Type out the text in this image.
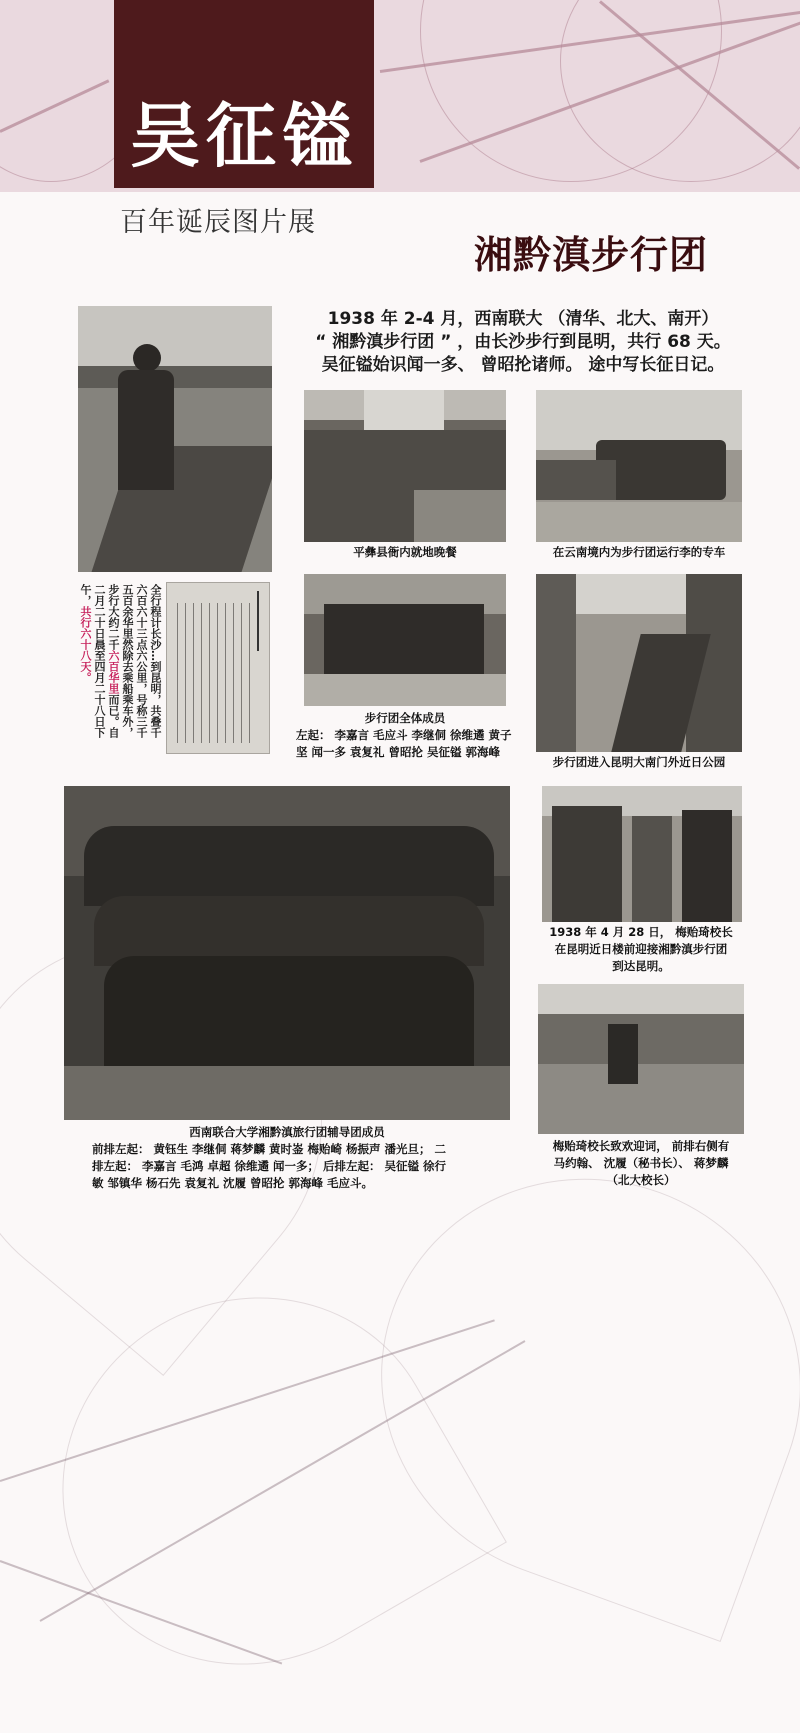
吴征镒
百年诞辰图片展
湘黔滇步行团
1938 年 2-4 月，西南联大 （清华、北大、南开）
“ 湘黔滇步行团 ” ，由长沙步行到昆明，共行 68 天。
吴征镒始识闻一多、 曾昭抡诸师。 途中写长征日记。
全行程计长沙…到昆明，共叠千六百六十三点六公里，号称三千五百余华里然除去乘船乘车外，步行大约二千六百华里而已。自二月二十日晨至四月二十八日下午，共行六十八天。
平彝县衙内就地晚餐	在云南境内为步行团运行李的专车
步行团全体成员
左起： 李嘉言 毛应斗 李继侗 徐维遹 黄子坚 闻一多 袁复礼 曾昭抡 吴征镒 郭海峰
步行团进入昆明大南门外近日公园
西南联合大学湘黔滇旅行团辅导团成员
前排左起： 黄钰生 李继侗 蒋梦麟 黄时崟 梅贻崎 杨振声 潘光旦； 二
排左起： 李嘉言 毛鸿 卓超 徐维遹 闻一多； 后排左起： 吴征镒 徐行
敏 邹镇华 杨石先 袁复礼 沈履 曾昭抡 郭海峰 毛应斗。
1938 年 4 月 28 日， 梅贻琦校长
在昆明近日楼前迎接湘黔滇步行团
到达昆明。
梅贻琦校长致欢迎词， 前排右侧有
马约翰、 沈履（秘书长）、 蒋梦麟
（北大校长）
